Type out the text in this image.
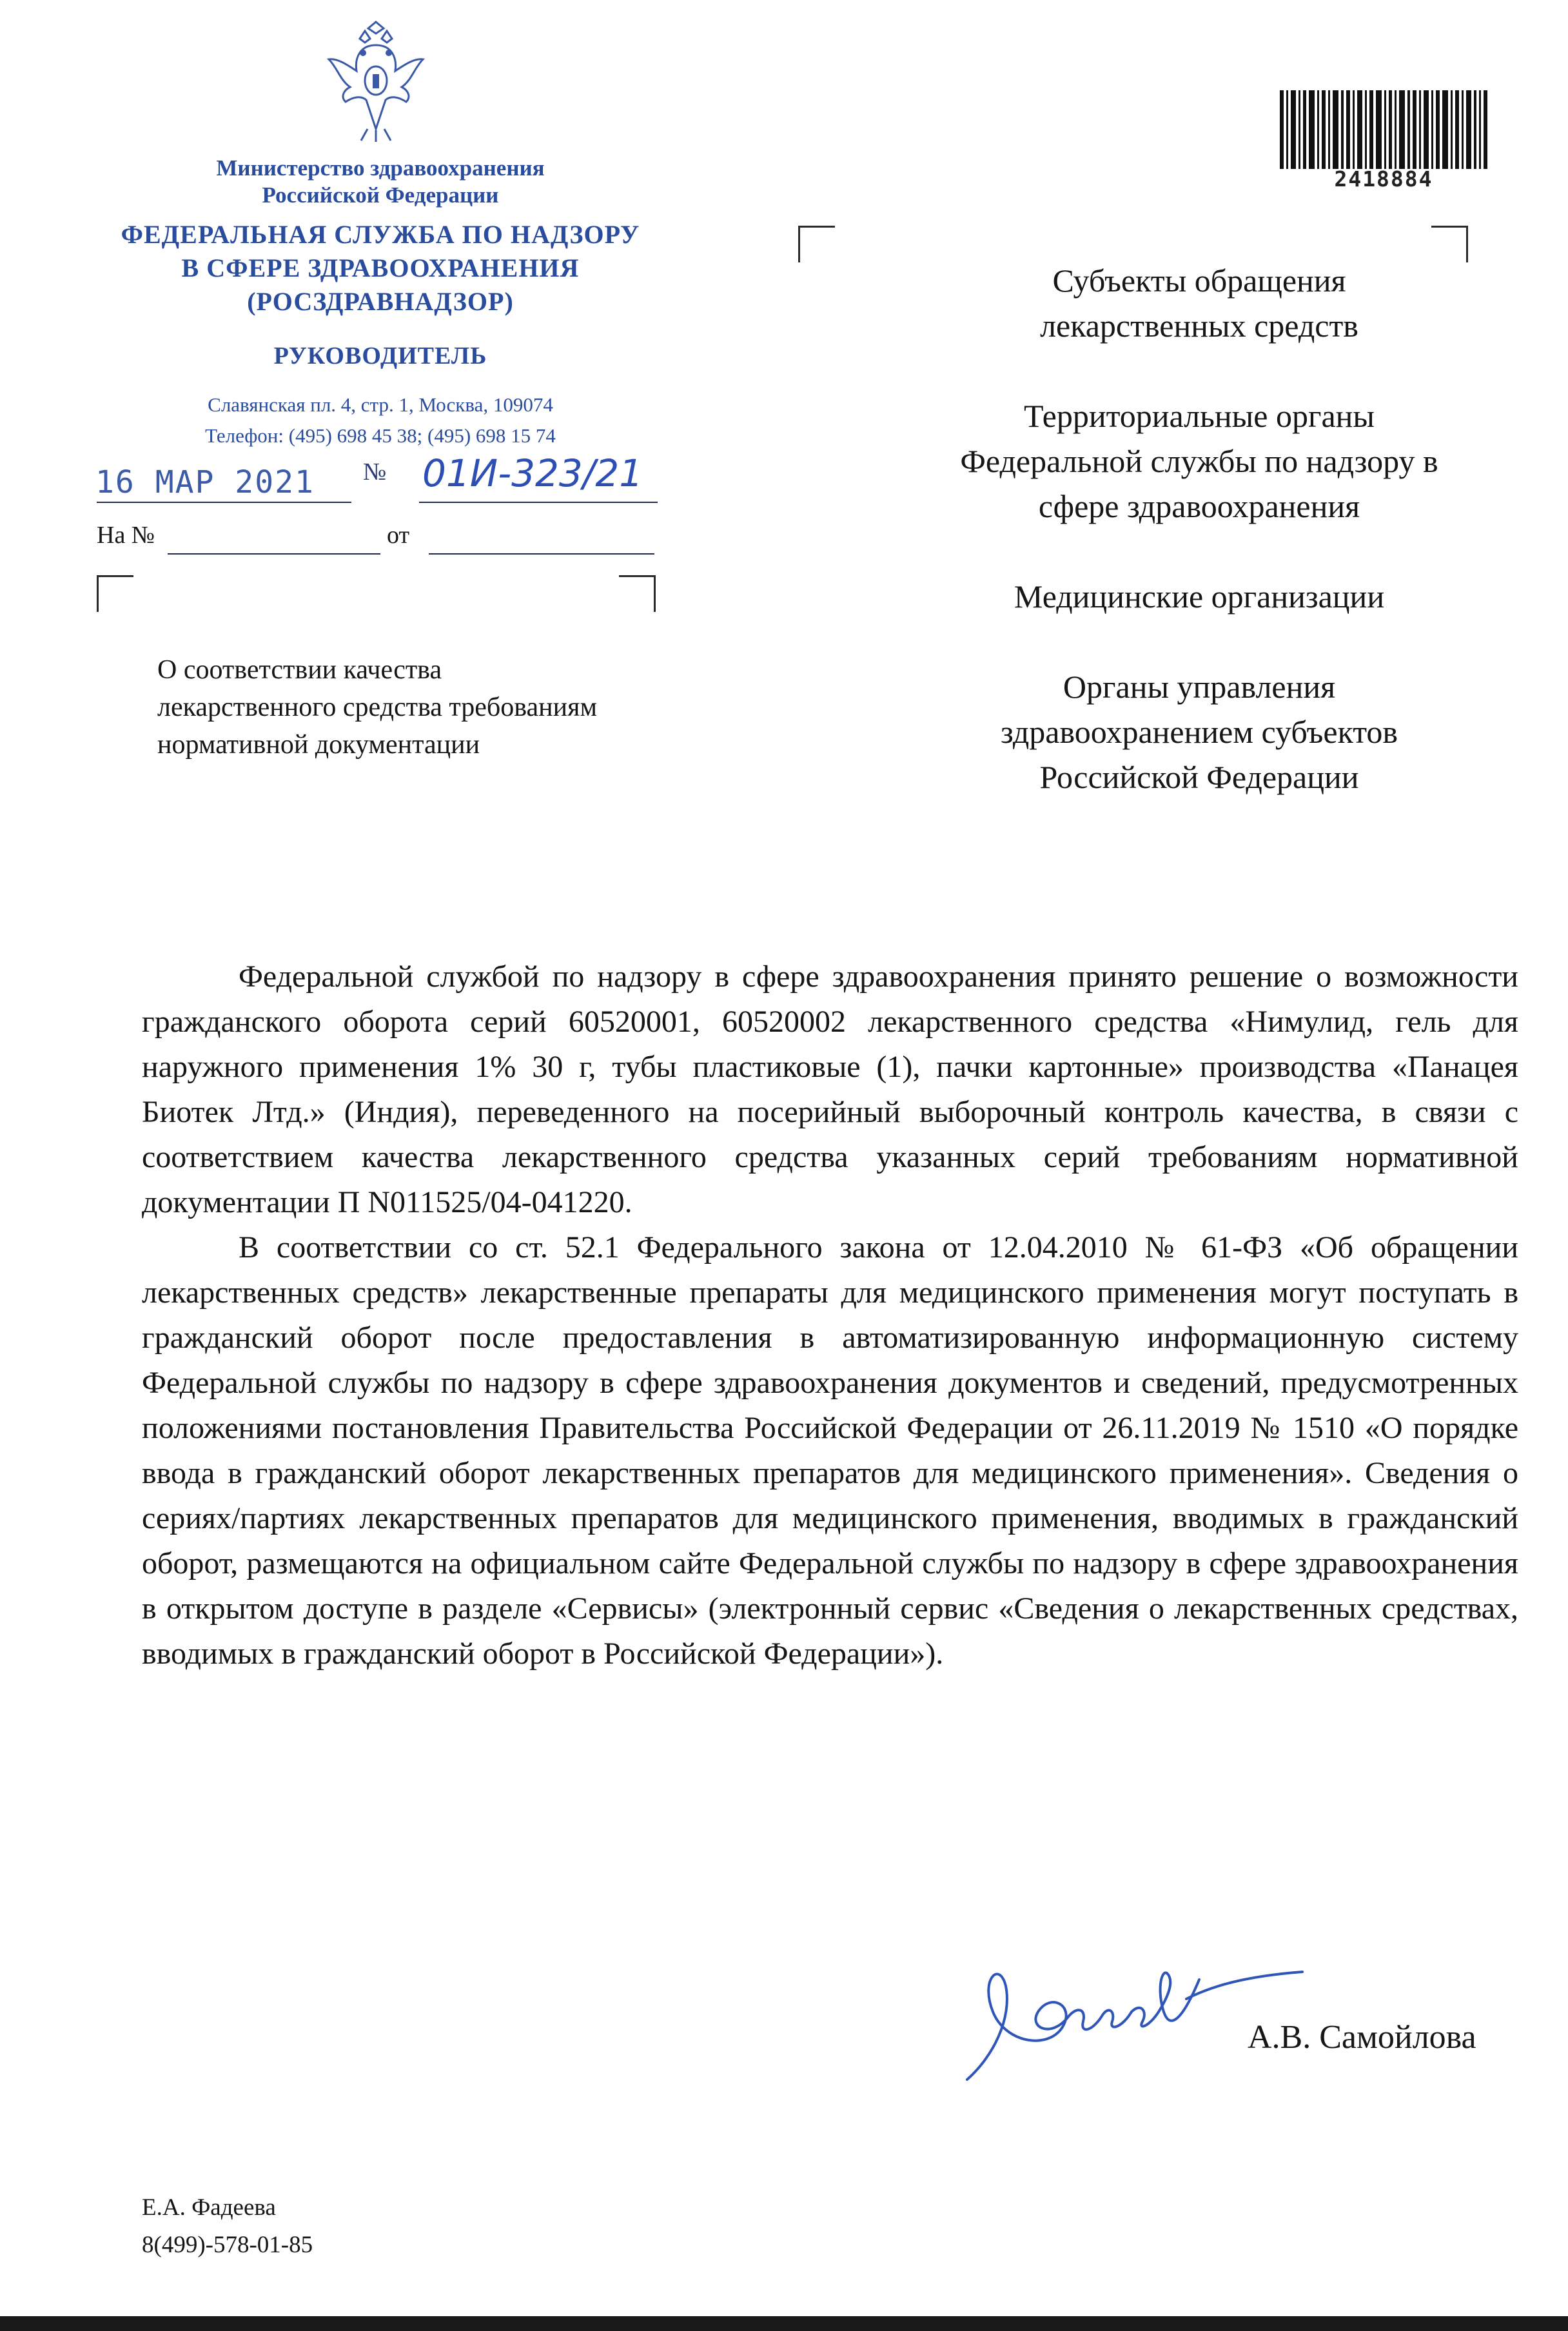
Министерство здравоохранения
Российской Федерации
ФЕДЕРАЛЬНАЯ СЛУЖБА ПО НАДЗОРУ
В СФЕРЕ ЗДРАВООХРАНЕНИЯ
(РОСЗДРАВНАДЗОР)
РУКОВОДИТЕЛЬ
Славянская пл. 4, стр. 1, Москва, 109074
Телефон: (495) 698 45 38; (495) 698 15 74
16 МАР 2021 № 01И-323/21
На №	от
О соответствии качества
лекарственного средства требованиям
нормативной документации
2418884
Субъекты обращения
лекарственных средств
Территориальные органы
Федеральной службы по надзору в
сфере здравоохранения
Медицинские организации
Органы управления
здравоохранением субъектов
Российской Федерации

Федеральной службой по надзору в сфере здравоохранения принято решение о возможности гражданского оборота серий 60520001, 60520002 лекарственного средства «Нимулид, гель для наружного применения 1% 30 г, тубы пластиковые (1), пачки картонные» производства «Панацея Биотек Лтд.» (Индия), переведенного на посерийный выборочный контроль качества, в связи с соответствием качества лекарственного средства указанных серий требованиям нормативной документации П N011525/04-041220.

В соответствии со ст. 52.1 Федерального закона от 12.04.2010 № 61-ФЗ «Об обращении лекарственных средств» лекарственные препараты для медицинского применения могут поступать в гражданский оборот после предоставления в автоматизированную информационную систему Федеральной службы по надзору в сфере здравоохранения документов и сведений, предусмотренных положениями постановления Правительства Российской Федерации от 26.11.2019 № 1510 «О порядке ввода в гражданский оборот лекарственных препаратов для медицинского применения». Сведения о сериях/партиях лекарственных препаратов для медицинского применения, вводимых в гражданский оборот, размещаются на официальном сайте Федеральной службы по надзору в сфере здравоохранения в открытом доступе в разделе «Сервисы» (электронный сервис «Сведения о лекарственных средствах, вводимых в гражданский оборот в Российской Федерации»).

А.В. Самойлова
Е.А. Фадеева
8(499)-578-01-85
